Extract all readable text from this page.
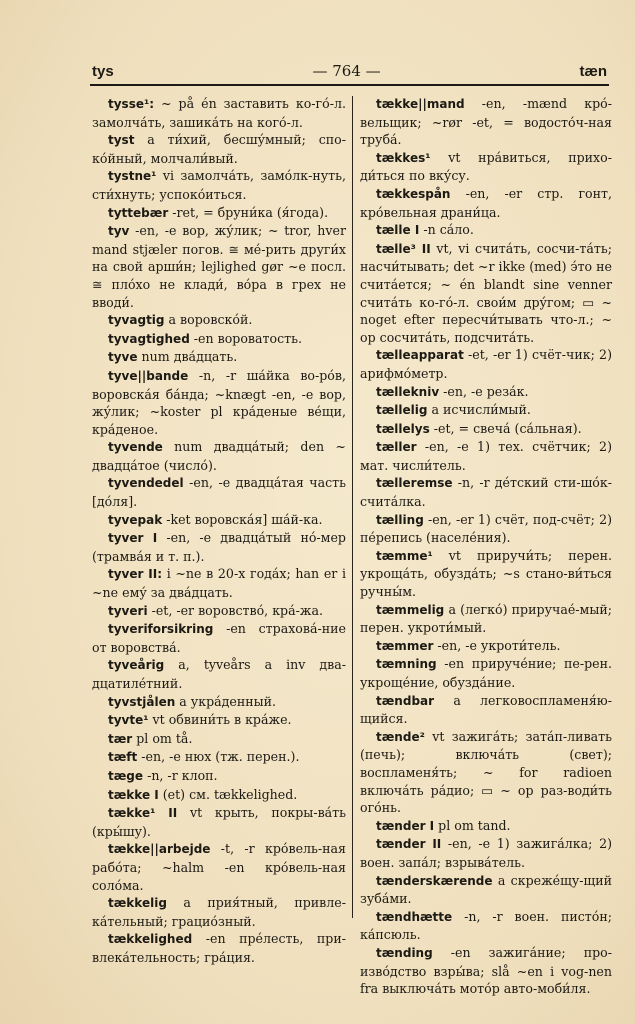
tys	— 764 —	tæn

tysse¹: ~ på én заставить ко-го́-л. замолча́ть, зашика́ть на кого́-л.

tyst a ти́хий, бесшу́мный; спо-ко́йный, молчали́вый.

tystne¹ vi замолча́ть, замо́лк-нуть, сти́хнуть; успоко́иться.

tyttebær -ret, = бруни́ка (я́года).

tyv -en, -e вор, жу́лик; ~ tror, hver mand stjæler погов. ≅ ме́-рить други́х на свой арши́н; lejlighed gør ~e посл. ≅ пло́хо не клади́, во́ра в грех не вводи́.

tyvagtig a воровско́й.

tyvagtighed -en вороватость.

tyve num два́дцать.

tyve||bande -n, -r ша́йка во-ро́в, воровска́я ба́нда; ~knægt -en, -e вор, жу́лик; ~koster pl кра́деные ве́щи, кра́деное.

tyvende num двадца́тый; den ~ двадца́тое (число́).

tyvendedel -en, -e двадца́тая часть [до́ля].

tyvepak -ket воровска́я] ша́й-ка.

tyver I -en, -e двадца́тый но́-мер (трамва́я и т. п.).

tyver II: i ~ne в 20-х года́х; han er i ~ne ему́ за два́дцать.

tyveri -et, -er воровство́, кра́-жа.

tyveriforsikring -en страхова́-ние от воровства́.

tyveårig a, tyveårs a inv два-дцатиле́тний.

tyvstjålen a укра́денный.

tyvte¹ vt обвини́ть в кра́же.

tær pl om tå.

tæft -en, -e нюх (тж. перен.).

tæge -n, -r клоп.

tække I (et) см. tækkelighed.

tække¹ II vt крыть, покры-ва́ть (кры́шу).

tække||arbejde -t, -r кро́вель-ная рабо́та; ~halm -en кро́вель-ная соло́ма.

tækkelig a прия́тный, привле-ка́тельный; грацио́зный.

tækkelighed -en пре́лесть, при-влека́тельность; гра́ция.

tække||mand -en, -mænd кро́-вельщик; ~rør -et, = водосто́ч-ная труба́.

tækkes¹ vt нра́виться, прихо-ди́ться по вку́су.

tækkespån -en, -er стр. гонт, кро́вельная драни́ца.

tælle I -n са́ло.

tælle³ II vt, vi счита́ть, сосчи-та́ть; насчи́тывать; det ~r ikke (med) э́то не счита́ется; ~ én blandt sine venner счита́ть ко-го́-л. свои́м дру́гом; ▭ ~ noget efter пересчи́тывать что-л.; ~ op сосчита́ть, подсчита́ть.

tælleapparat -et, -er 1) счёт-чик; 2) арифмо́метр.

tællekniv -en, -e реза́к.

tællelig a исчисли́мый.

tællelys -et, = свеча́ (са́льная).

tæller -en, -e 1) тех. счётчик; 2) мат. числи́тель.

tælleremse -n, -r де́тский сти-шо́к-счита́лка.

tælling -en, -er 1) счёт, под-счёт; 2) пе́репись (населе́ния).

tæmme¹ vt приручи́ть; перен. укроща́ть, обузда́ть; ~s стано-ви́ться ручны́м.

tæmmelig a (легко́) приручае́-мый; перен. укроти́мый.

tæmmer -en, -e укроти́тель.

tæmning -en прируче́ние; пе-рен. укроще́ние, обузда́ние.

tændbar a легковоспламеня́ю-щийся.

tænde² vt зажига́ть; зата́п-ливать (печь); включа́ть (свет); воспламеня́ть; ~ for radioen включа́ть ра́дио; ▭ ~ op раз-води́ть ого́нь.

tænder I pl om tand.

tænder II -en, -e 1) зажига́лка; 2) воен. запа́л; взрыва́тель.

tænderskærende a скреже́щу-щий зуба́ми.

tændhætte -n, -r воен. писто́н; ка́псюль.

tænding -en зажига́ние; про-изво́дство взры́ва; slå ~en i vog-nen fra выключа́ть мото́р авто-моби́ля.
